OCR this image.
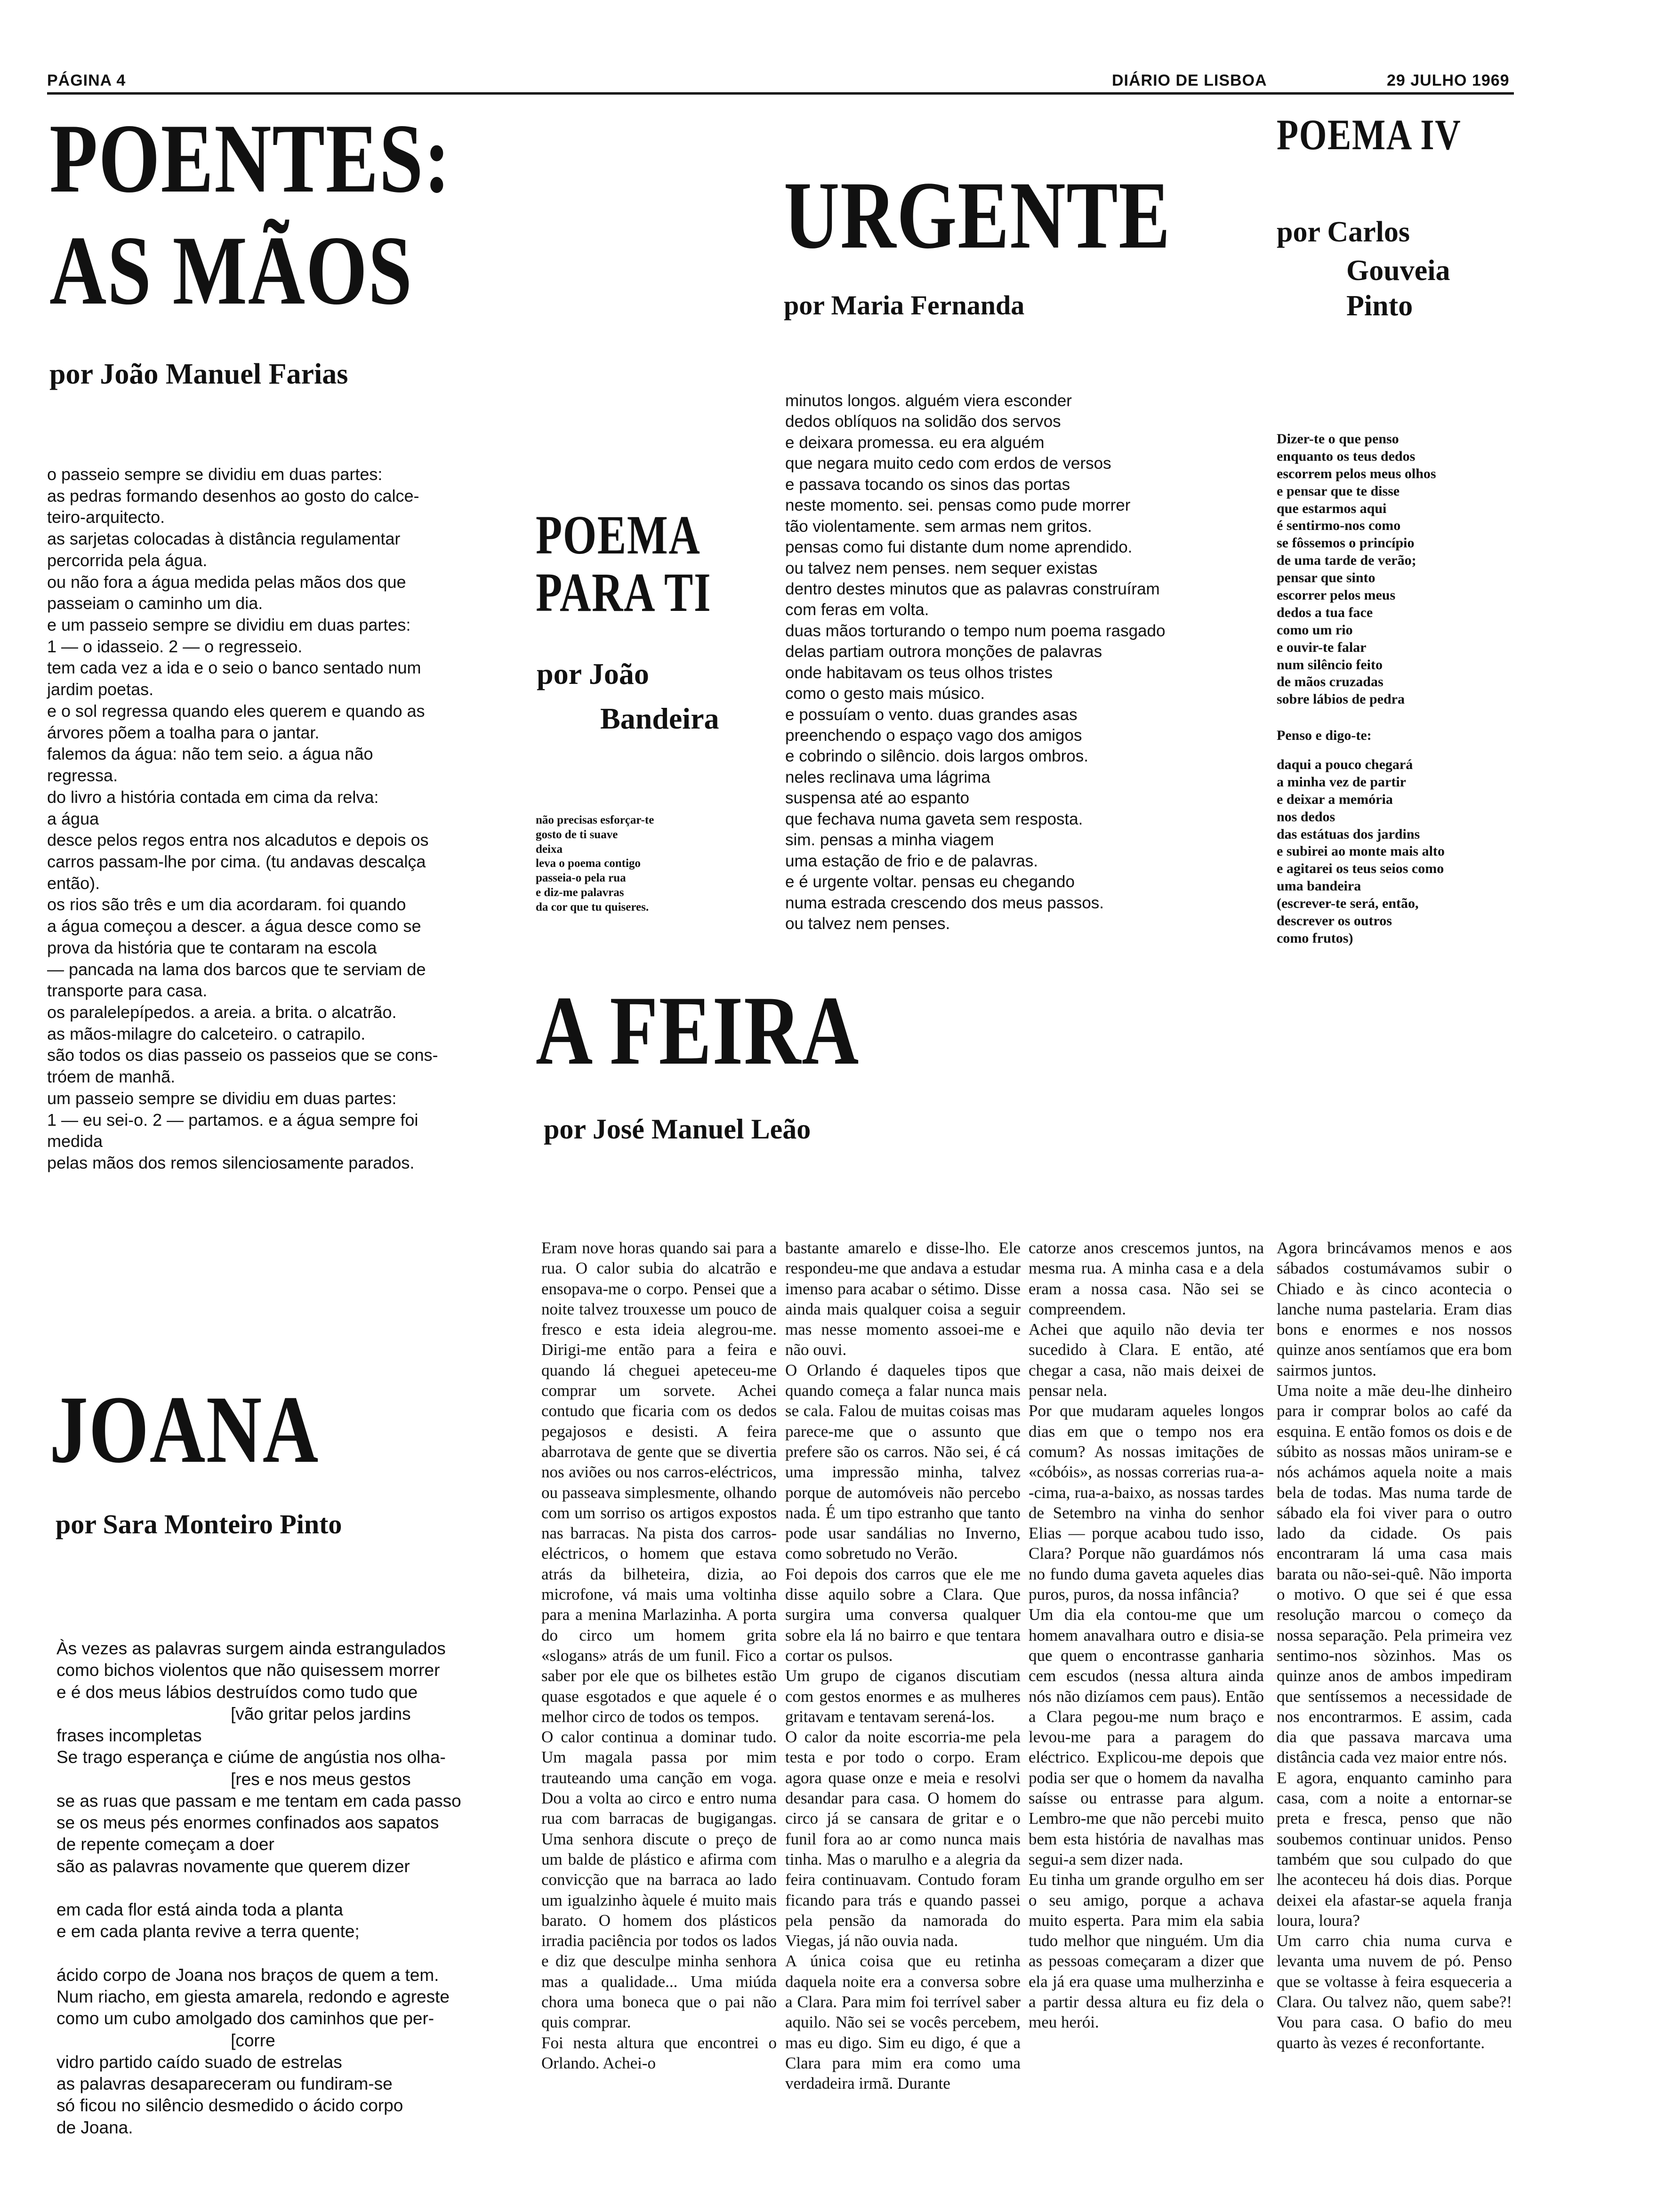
PÁGINA 4	DIÁRIO DE LISBOA	29 JULHO 1969
POENTES:
AS MÃOS
por João Manuel Farias
o passeio sempre se dividiu em duas partes:
as pedras formando desenhos ao gosto do calce-
teiro-arquitecto.
as sarjetas colocadas à distância regulamentar
percorrida pela água.
ou não fora a água medida pelas mãos dos que
passeiam o caminho um dia.
e um passeio sempre se dividiu em duas partes:
1 — o idasseio. 2 — o regresseio.
tem cada vez a ida e o seio o banco sentado num
jardim poetas.
e o sol regressa quando eles querem e quando as
árvores põem a toalha para o jantar.
falemos da água: não tem seio. a água não
regressa.
do livro a história contada em cima da relva:
a água
desce pelos regos entra nos alcadutos e depois os
carros passam-lhe por cima. (tu andavas descalça
então).
os rios são três e um dia acordaram. foi quando
a água começou a descer. a água desce como se
prova da história que te contaram na escola
— pancada na lama dos barcos que te serviam de
transporte para casa.
os paralelepípedos. a areia. a brita. o alcatrão.
as mãos-milagre do calceteiro. o catrapilo.
são todos os dias passeio os passeios que se cons-
tróem de manhã.
um passeio sempre se dividiu em duas partes:
1 — eu sei-o. 2 — partamos. e a água sempre foi
medida
pelas mãos dos remos silenciosamente parados.
POEMA
PARA TI
por João
Bandeira
não precisas esforçar-te
gosto de ti suave
deixa
leva o poema contigo
passeia-o pela rua
e diz-me palavras
da cor que tu quiseres.
URGENTE
por Maria Fernanda
minutos longos. alguém viera esconder
dedos oblíquos na solidão dos servos
e deixara promessa. eu era alguém
que negara muito cedo com erdos de versos
e passava tocando os sinos das portas
neste momento. sei. pensas como pude morrer
tão violentamente. sem armas nem gritos.
pensas como fui distante dum nome aprendido.
ou talvez nem penses. nem sequer existas
dentro destes minutos que as palavras construíram
com feras em volta.
duas mãos torturando o tempo num poema rasgado
delas partiam outrora monções de palavras
onde habitavam os teus olhos tristes
como o gesto mais músico.
e possuíam o vento. duas grandes asas
preenchendo o espaço vago dos amigos
e cobrindo o silêncio. dois largos ombros.
neles reclinava uma lágrima
suspensa até ao espanto
que fechava numa gaveta sem resposta.
sim. pensas a minha viagem
uma estação de frio e de palavras.
e é urgente voltar. pensas eu chegando
numa estrada crescendo dos meus passos.
ou talvez nem penses.
POEMA IV
por Carlos
Gouveia
Pinto
Dizer-te o que penso
enquanto os teus dedos
escorrem pelos meus olhos
e pensar que te disse
que estarmos aqui
é sentirmo-nos como
se fôssemos o princípio
de uma tarde de verão;
pensar que sinto
escorrer pelos meus
dedos a tua face
como um rio
e ouvir-te falar
num silêncio feito
de mãos cruzadas
sobre lábios de pedra
Penso e digo-te:
daqui a pouco chegará
a minha vez de partir
e deixar a memória
nos dedos
das estátuas dos jardins
e subirei ao monte mais alto
e agitarei os teus seios como
uma bandeira
(escrever-te será, então,
descrever os outros
como frutos)
A FEIRA
por José Manuel Leão

Eram nove horas quando sai para a rua. O calor subia do alcatrão e ensopava-me o corpo. Pensei que a noite talvez trouxesse um pouco de fresco e esta ideia alegrou-me. Dirigi-me então para a feira e quando lá cheguei apeteceu-me comprar um sorvete. Achei contudo que ficaria com os dedos pegajosos e desisti. A feira abarrotava de gente que se divertia nos aviões ou nos carros-eléctricos, ou passeava simplesmente, olhando com um sorriso os artigos expostos nas barracas. Na pista dos carros-eléctricos, o homem que estava atrás da bilheteira, dizia, ao microfone, vá mais uma voltinha para a menina Marlazinha. A porta do circo um homem grita «slogans» atrás de um funil. Fico a saber por ele que os bilhetes estão quase esgotados e que aquele é o melhor circo de todos os tempos.
O calor continua a dominar tudo. Um magala passa por mim trauteando uma canção em voga. Dou a volta ao circo e entro numa rua com barracas de bugigangas. Uma senhora discute o preço de um balde de plástico e afirma com convicção que na barraca ao lado um igualzinho àquele é muito mais barato. O homem dos plásticos irradia paciência por todos os lados e diz que desculpe minha senhora mas a qualidade... Uma miúda chora uma boneca que o pai não quis comprar.
Foi nesta altura que encontrei o Orlando. Achei-o

bastante amarelo e disse-lho. Ele respondeu-me que andava a estudar imenso para acabar o sétimo. Disse ainda mais qualquer coisa a seguir mas nesse momento assoei-me e não ouvi.
O Orlando é daqueles tipos que quando começa a falar nunca mais se cala. Falou de muitas coisas mas parece-me que o assunto que prefere são os carros. Não sei, é cá uma impressão minha, talvez porque de automóveis não percebo nada. É um tipo estranho que tanto pode usar sandálias no Inverno, como sobretudo no Verão.
Foi depois dos carros que ele me disse aquilo sobre a Clara. Que surgira uma conversa qualquer sobre ela lá no bairro e que tentara cortar os pulsos.
Um grupo de ciganos discutiam com gestos enormes e as mulheres gritavam e tentavam serená-los.
O calor da noite escorria-me pela testa e por todo o corpo. Eram agora quase onze e meia e resolvi desandar para casa. O homem do circo já se cansara de gritar e o funil fora ao ar como nunca mais tinha. Mas o marulho e a alegria da feira continuavam. Contudo foram ficando para trás e quando passei pela pensão da namorada do Viegas, já não ouvia nada.
A única coisa que eu retinha daquela noite era a conversa sobre a Clara. Para mim foi terrível saber aquilo. Não sei se vocês percebem, mas eu digo. Sim eu digo, é que a Clara para mim era como uma verdadeira irmã. Durante

catorze anos crescemos juntos, na mesma rua. A minha casa e a dela eram a nossa casa. Não sei se compreendem.
Achei que aquilo não devia ter sucedido à Clara. E então, até chegar a casa, não mais deixei de pensar nela.
Por que mudaram aqueles longos dias em que o tempo nos era comum? As nossas imitações de «cóbóis», as nossas correrias rua-a--cima, rua-a-baixo, as nossas tardes de Setembro na vinha do senhor Elias — porque acabou tudo isso, Clara? Porque não guardámos nós no fundo duma gaveta aqueles dias puros, puros, da nossa infância?
Um dia ela contou-me que um homem anavalhara outro e disia-se que quem o encontrasse ganharia cem escudos (nessa altura ainda nós não dizíamos cem paus). Então a Clara pegou-me num braço e levou-me para a paragem do eléctrico. Explicou-me depois que podia ser que o homem da navalha saísse ou entrasse para algum. Lembro-me que não percebi muito bem esta história de navalhas mas segui-a sem dizer nada.
Eu tinha um grande orgulho em ser o seu amigo, porque a achava muito esperta. Para mim ela sabia tudo melhor que ninguém. Um dia as pessoas começaram a dizer que ela já era quase uma mulherzinha e a partir dessa altura eu fiz dela o meu herói.

Agora brincávamos menos e aos sábados costumávamos subir o Chiado e às cinco acontecia o lanche numa pastelaria. Eram dias bons e enormes e nos nossos quinze anos sentíamos que era bom sairmos juntos.
Uma noite a mãe deu-lhe dinheiro para ir comprar bolos ao café da esquina. E então fomos os dois e de súbito as nossas mãos uniram-se e nós achámos aquela noite a mais bela de todas. Mas numa tarde de sábado ela foi viver para o outro lado da cidade. Os pais encontraram lá uma casa mais barata ou não-sei-quê. Não importa o motivo. O que sei é que essa resolução marcou o começo da nossa separação. Pela primeira vez sentimo-nos sòzinhos. Mas os quinze anos de ambos impediram que sentíssemos a necessidade de nos encontrarmos. E assim, cada dia que passava marcava uma distância cada vez maior entre nós.
E agora, enquanto caminho para casa, com a noite a entornar-se preta e fresca, penso que não soubemos continuar unidos. Penso também que sou culpado do que lhe aconteceu há dois dias. Porque deixei ela afastar-se aquela franja loura, loura?
Um carro chia numa curva e levanta uma nuvem de pó. Penso que se voltasse à feira esqueceria a Clara. Ou talvez não, quem sabe?! Vou para casa. O bafio do meu quarto às vezes é reconfortante.

JOANA
por Sara Monteiro Pinto
Às vezes as palavras surgem ainda estrangulados
como bichos violentos que não quisessem morrer
e é dos meus lábios destruídos como tudo que
[vão gritar pelos jardins
frases incompletas
Se trago esperança e ciúme de angústia nos olha-
[res e nos meus gestos
se as ruas que passam e me tentam em cada passo
se os meus pés enormes confinados aos sapatos
de repente começam a doer
são as palavras novamente que querem dizer

em cada flor está ainda toda a planta
e em cada planta revive a terra quente;

ácido corpo de Joana nos braços de quem a tem.
Num riacho, em giesta amarela, redondo e agreste
como um cubo amolgado dos caminhos que per-
[corre
vidro partido caído suado de estrelas
as palavras desapareceram ou fundiram-se
só ficou no silêncio desmedido o ácido corpo
de Joana.
